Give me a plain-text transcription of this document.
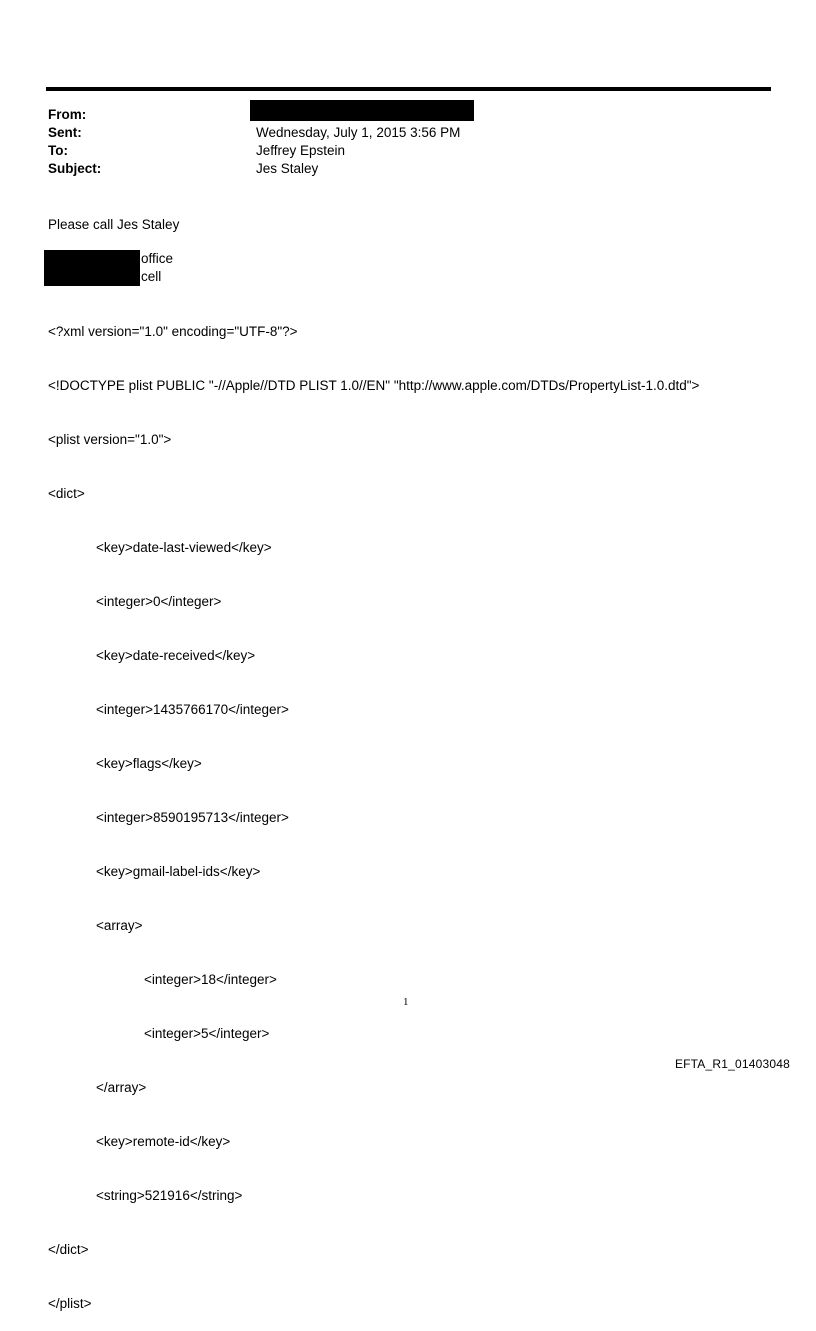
From:
Sent:	Wednesday, July 1, 2015 3:56 PM
To:	Jeffrey Epstein
Subject:	Jes Staley
Please call Jes Staley
office
cell

<?xml version="1.0" encoding="UTF-8"?>

<!DOCTYPE plist PUBLIC "-//Apple//DTD PLIST 1.0//EN" "http://www.apple.com/DTDs/PropertyList-1.0.dtd">

<plist version="1.0">

<dict>

<key>date-last-viewed</key>

<integer>0</integer>

<key>date-received</key>

<integer>1435766170</integer>

<key>flags</key>

<integer>8590195713</integer>

<key>gmail-label-ids</key>

<array>

<integer>18</integer>

<integer>5</integer>

</array>

<key>remote-id</key>

<string>521916</string>

</dict>

</plist>

1
EFTA_R1_01403048
